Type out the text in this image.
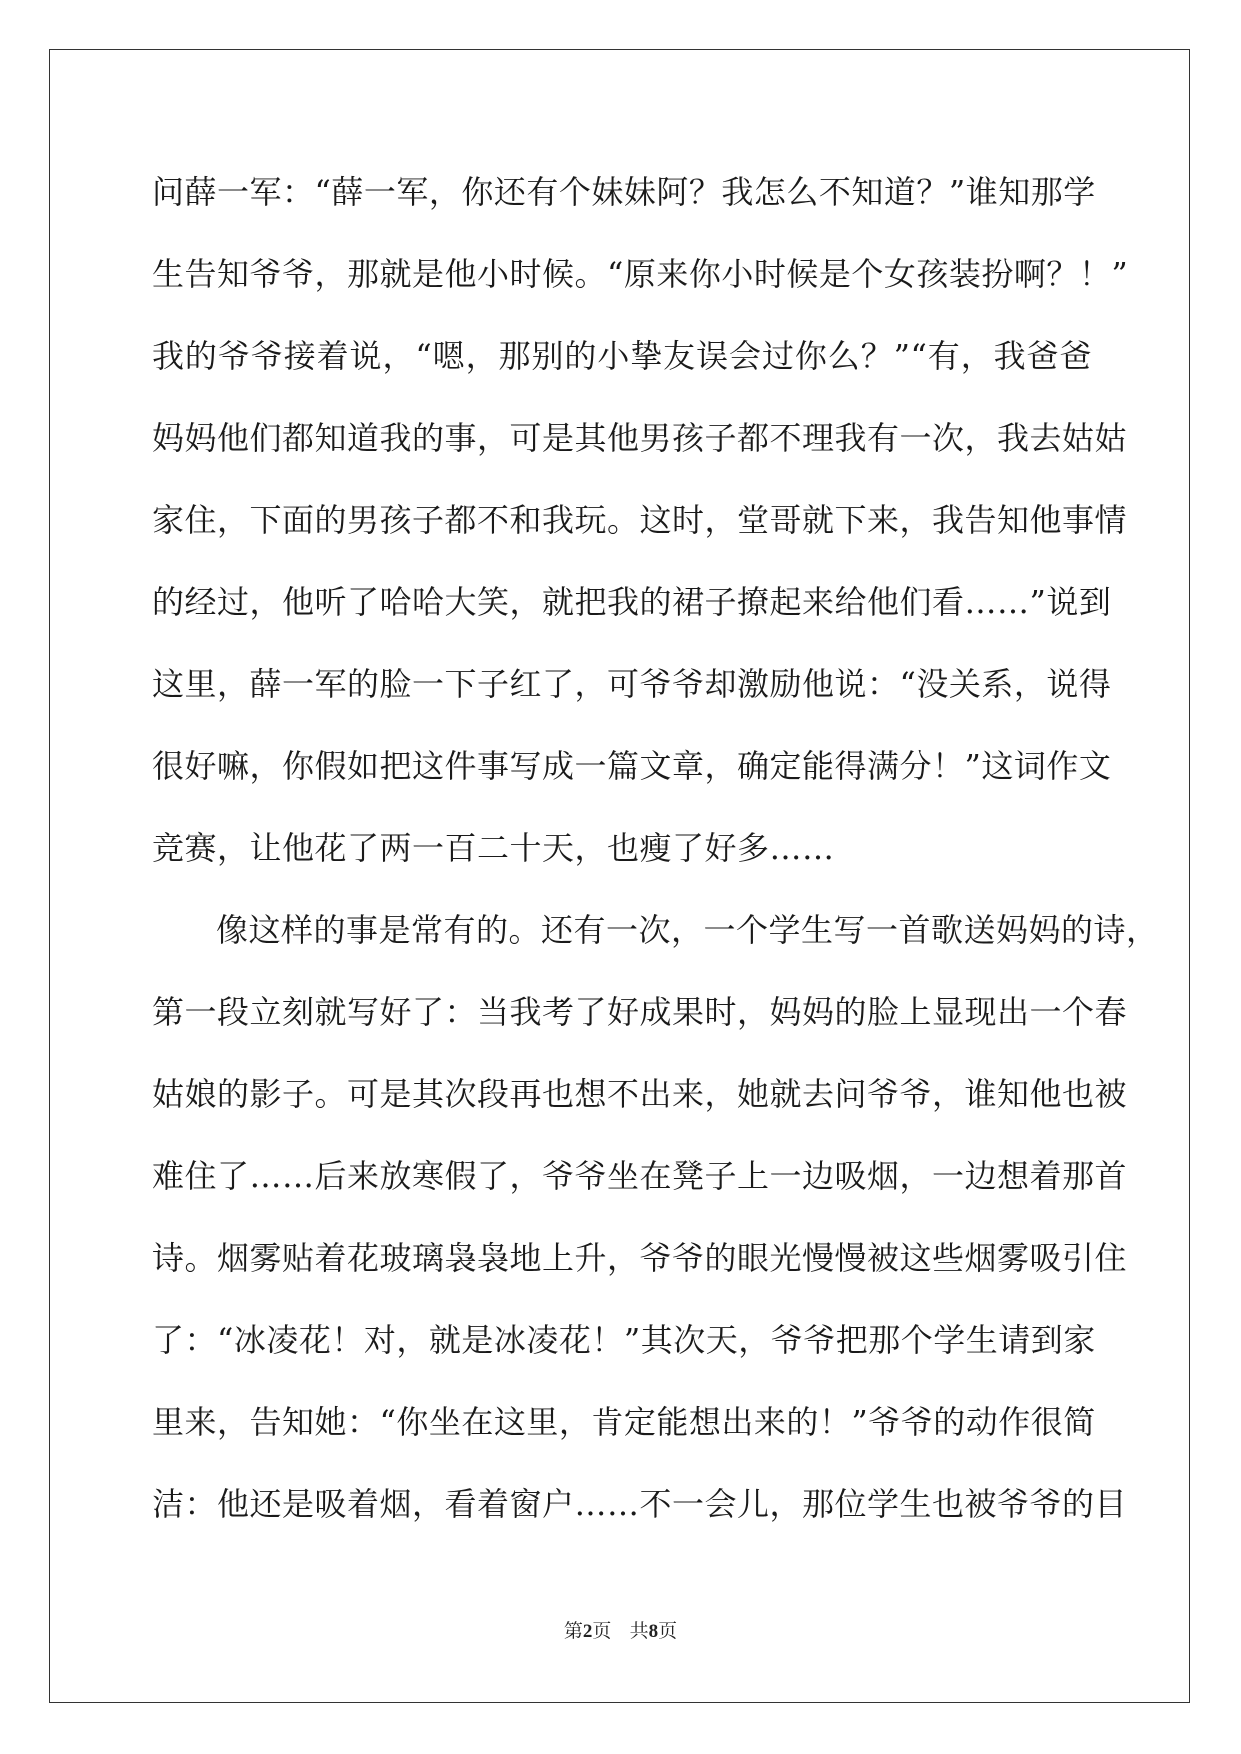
问薛一军：“薛一军，你还有个妹妹阿？我怎么不知道？”谁知那学
生告知爷爷，那就是他小时候。“原来你小时候是个女孩装扮啊？！”
我的爷爷接着说，“嗯，那别的小挚友误会过你么？”“有，我爸爸
妈妈他们都知道我的事，可是其他男孩子都不理我有一次，我去姑姑
家住，下面的男孩子都不和我玩。这时，堂哥就下来，我告知他事情
的经过，他听了哈哈大笑，就把我的裙子撩起来给他们看……”说到
这里，薛一军的脸一下子红了，可爷爷却激励他说：“没关系，说得
很好嘛，你假如把这件事写成一篇文章，确定能得满分！”这词作文
竞赛，让他花了两一百二十天，也瘦了好多……
像这样的事是常有的。还有一次，一个学生写一首歌送妈妈的诗，
第一段立刻就写好了：当我考了好成果时，妈妈的脸上显现出一个春
姑娘的影子。可是其次段再也想不出来，她就去问爷爷，谁知他也被
难住了……后来放寒假了，爷爷坐在凳子上一边吸烟，一边想着那首
诗。烟雾贴着花玻璃袅袅地上升，爷爷的眼光慢慢被这些烟雾吸引住
了：“冰凌花！对，就是冰凌花！”其次天，爷爷把那个学生请到家
里来，告知她：“你坐在这里，肯定能想出来的！”爷爷的动作很简
洁：他还是吸着烟，看着窗户……不一会儿，那位学生也被爷爷的目
第2页 共8页
